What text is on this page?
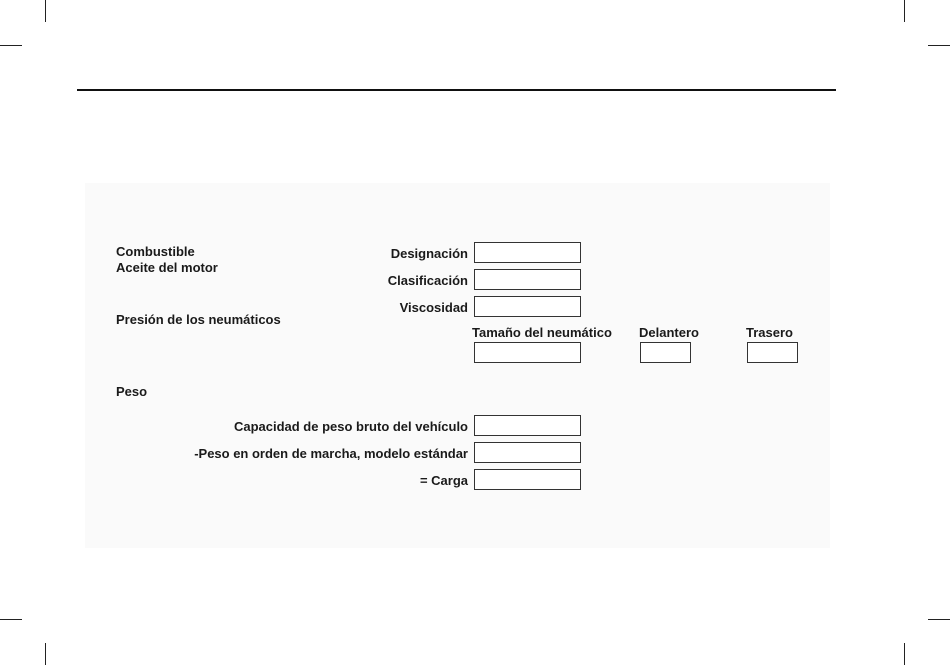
Combustible
Aceite del motor
Presión de los neumáticos
Peso
Designación
Clasificación
Viscosidad
Tamaño del neumático Delantero	Trasero
Capacidad de peso bruto del vehículo
-Peso en orden de marcha, modelo estándar
= Carga
